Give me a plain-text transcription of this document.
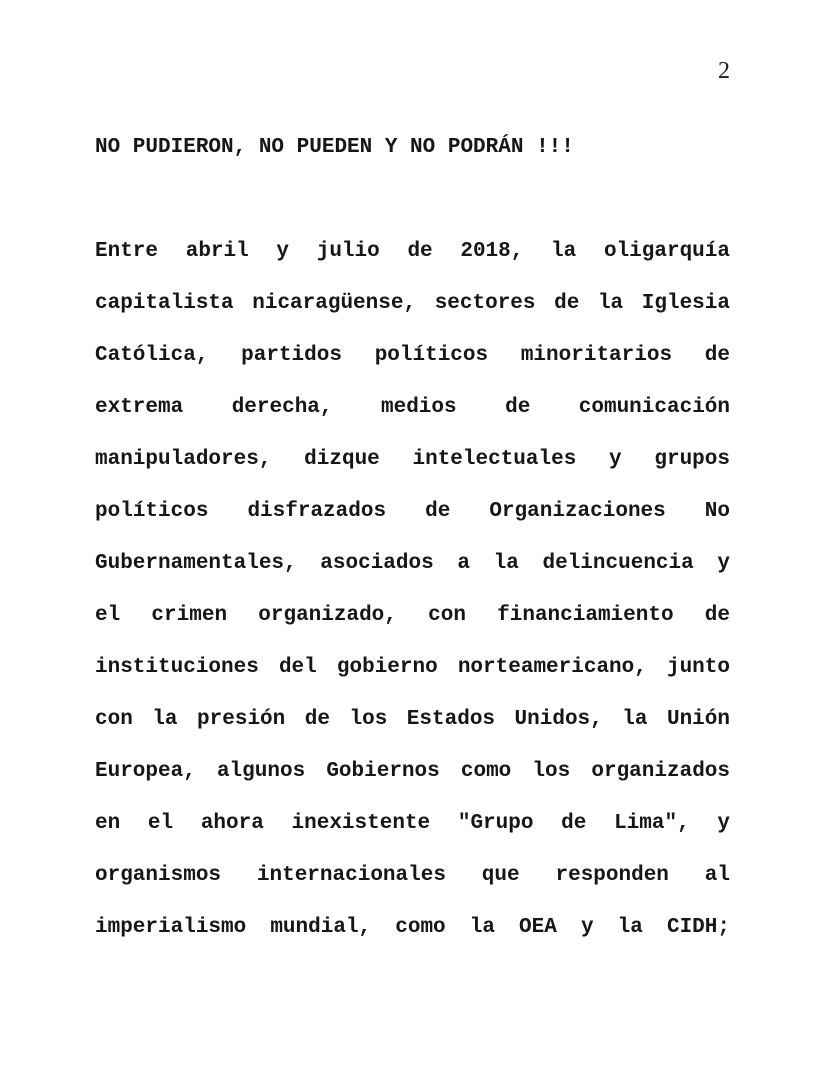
2
NO PUDIERON, NO PUEDEN Y NO PODRÁN !!!
Entre abril y julio de 2018, la oligarquía
capitalista nicaragüense, sectores de la Iglesia
Católica, partidos políticos minoritarios de
extrema derecha, medios de comunicación
manipuladores, dizque intelectuales y grupos
políticos disfrazados de Organizaciones No
Gubernamentales, asociados a la delincuencia y
el crimen organizado, con financiamiento de
instituciones del gobierno norteamericano, junto
con la presión de los Estados Unidos, la Unión
Europea, algunos Gobiernos como los organizados
en el ahora inexistente "Grupo de Lima", y
organismos internacionales que responden al
imperialismo mundial, como la OEA y la CIDH;
